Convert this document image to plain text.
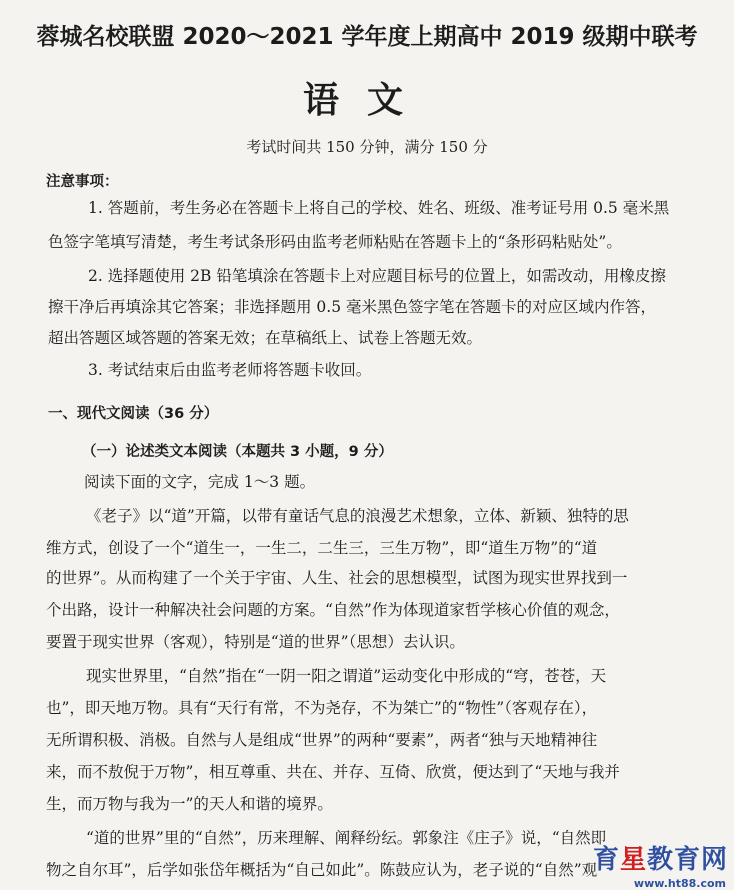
蓉城名校联盟 2020～2021 学年度上期高中 2019 级期中联考
语文
考试时间共 150 分钟，满分 150 分
注意事项：
1. 答题前，考生务必在答题卡上将自己的学校、姓名、班级、准考证号用 0.5 毫米黑
色签字笔填写清楚，考生考试条形码由监考老师粘贴在答题卡上的“条形码粘贴处”。
2. 选择题使用 2B 铅笔填涂在答题卡上对应题目标号的位置上，如需改动，用橡皮擦
擦干净后再填涂其它答案；非选择题用 0.5 毫米黑色签字笔在答题卡的对应区域内作答，
超出答题区域答题的答案无效；在草稿纸上、试卷上答题无效。
3. 考试结束后由监考老师将答题卡收回。
一、现代文阅读（36 分）
（一）论述类文本阅读（本题共 3 小题，9 分）
阅读下面的文字，完成 1～3 题。
《老子》以“道”开篇，以带有童话气息的浪漫艺术想象，立体、新颖、独特的思
维方式，创设了一个“道生一，一生二，二生三，三生万物”，即“道生万物”的“道
的世界”。从而构建了一个关于宇宙、人生、社会的思想模型，试图为现实世界找到一
个出路，设计一种解决社会问题的方案。“自然”作为体现道家哲学核心价值的观念，
要置于现实世界（客观），特别是“道的世界”（思想）去认识。
现实世界里，“自然”指在“一阴一阳之谓道”运动变化中形成的“穹，苍苍，天
也”，即天地万物。具有“天行有常，不为尧存，不为桀亡”的“物性”（客观存在），
无所谓积极、消极。自然与人是组成“世界”的两种“要素”，两者“独与天地精神往
来，而不敖倪于万物”，相互尊重、共在、并存、互倚、欣赏，便达到了“天地与我并
生，而万物与我为一”的天人和谐的境界。
“道的世界”里的“自然”，历来理解、阐释纷纭。郭象注《庄子》说，“自然即
物之自尔耳”，后学如张岱年概括为“自己如此”。陈鼓应认为，老子说的“自然”观
育星教育网
www.ht88.com
